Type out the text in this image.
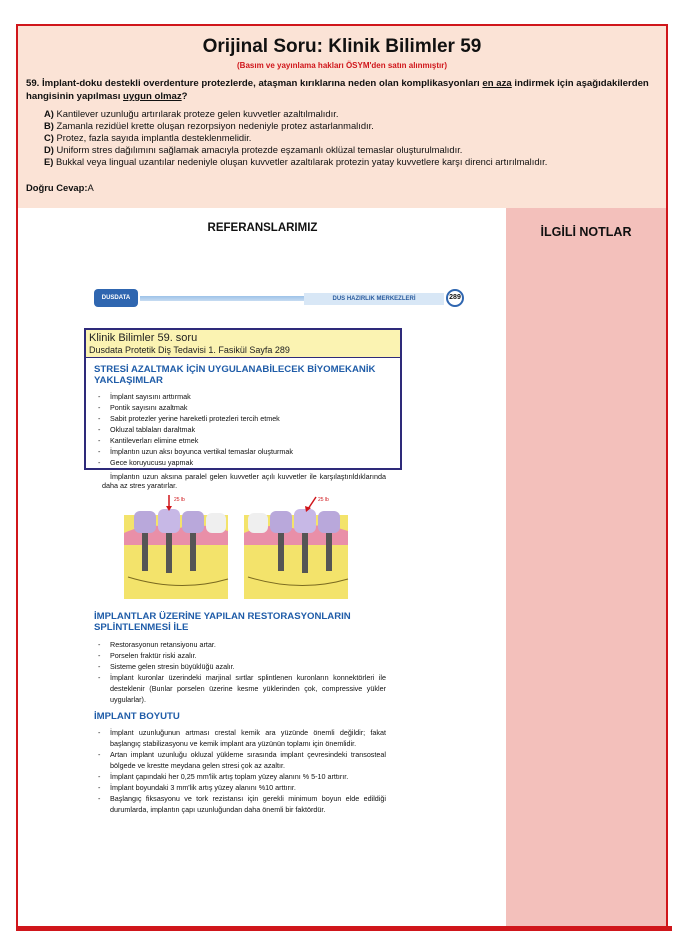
Orijinal Soru: Klinik Bilimler 59
(Basım ve yayınlama hakları ÖSYM'den satın alınmıştır)
59. İmplant-doku destekli overdenture protezlerde, ataşman kırıklarına neden olan komplikasyonları en aza indirmek için aşağıdakilerden hangisinin yapılması uygun olmaz?
A) Kantilever uzunluğu artırılarak proteze gelen kuvvetler azaltılmalıdır.
B) Zamanla rezidüel krette oluşan rezorpsiyon nedeniyle protez astarlanmalıdır.
C) Protez, fazla sayıda implantla desteklenmelidir.
D) Uniform stres dağılımını sağlamak amacıyla protezde eşzamanlı oklüzal temaslar oluşturulmalıdır.
E) Bukkal veya lingual uzantılar nedeniyle oluşan kuvvetler azaltılarak protezin yatay kuvvetlere karşı direnci artırılmalıdır.
Doğru Cevap:A
İLGİLİ NOTLAR
REFERANSLARIMIZ
DUSDATA	DUS HAZIRLIK MERKEZLERİ	289
Klinik Bilimler 59. soru
Dusdata Protetik Diş Tedavisi 1. Fasikül Sayfa 289
STRESİ AZALTMAK İÇİN UYGULANABİLECEK BİYOMEKANİK YAKLAŞIMLAR
- İmplant sayısını arttırmak
- Pontik sayısını azaltmak
- Sabit protezler yerine hareketli protezleri tercih etmek
- Okluzal tablaları daraltmak
- Kantileverları elimine etmek
- İmplantın uzun aksı boyunca vertikal temaslar oluşturmak
- Gece koruyucusu yapmak
İmplantın uzun aksına paralel gelen kuvvetler açılı kuvvetler ile karşılaştırıldıklarında daha az stres yaratırlar.
25 lb	25 lb
İMPLANTLAR ÜZERİNE YAPILAN RESTORASYONLARIN SPLİNTLENMESİ İLE
- Restorasyonun retansiyonu artar.
- Porselen fraktür riski azalır.
- Sisteme gelen stresin büyüklüğü azalır.
- İmplant kuronlar üzerindeki marjinal sırtlar splintlenen kuronların konnektörleri ile desteklenir (Bunlar porselen üzerine kesme yüklerinden çok, compressive yükler uygularlar).
İMPLANT BOYUTU
- İmplant uzunluğunun artması crestal kemik ara yüzünde önemli değildir; fakat başlangıç stabilizasyonu ve kemik implant ara yüzünün toplamı için önemlidir.
- Artan implant uzunluğu okluzal yükleme sırasında implant çevresindeki transosteal bölgede ve krestte meydana gelen stresi çok az azaltır.
- İmplant çapındaki her 0,25 mm'lik artış toplam yüzey alanını % 5-10 arttırır.
- İmplant boyundaki 3 mm'lik artış yüzey alanını %10 arttırır.
- Başlangıç fiksasyonu ve tork rezistansı için gerekli minimum boyun elde edildiği durumlarda, implantın çapı uzunluğundan daha önemli bir faktördür.
